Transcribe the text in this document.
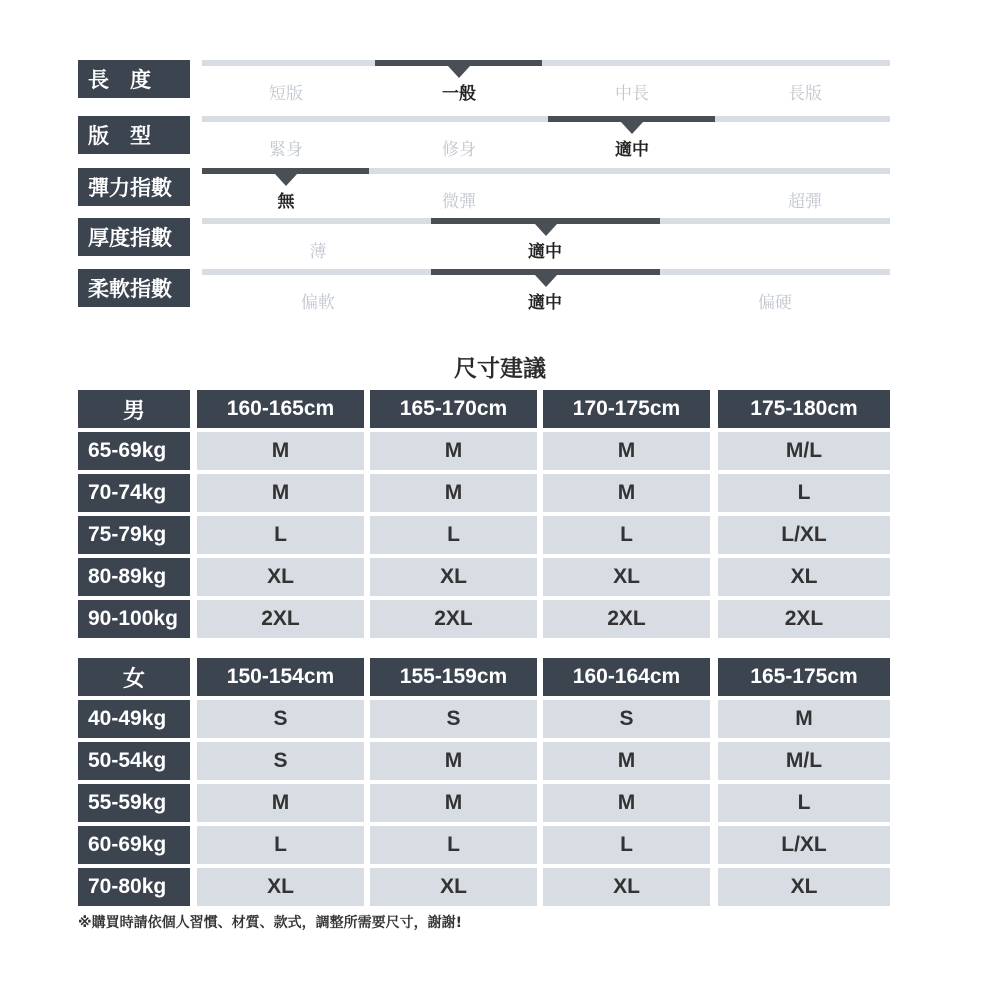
長　度
短版	一般	中長	長版
版　型
緊身	修身	適中
彈力指數
無	微彈	超彈
厚度指數
薄	適中
柔軟指數
偏軟	適中	偏硬
尺寸建議
男	160-165cm	165-170cm	170-175cm	175-180cm
65-69kg	M	M	M	M/L
70-74kg	M	M	M	L
75-79kg	L	L	L	L/XL
80-89kg	XL	XL	XL	XL
90-100kg	2XL	2XL	2XL	2XL
女	150-154cm	155-159cm	160-164cm	165-175cm
40-49kg	S	S	S	M
50-54kg	S	M	M	M/L
55-59kg	M	M	M	L
60-69kg	L	L	L	L/XL
70-80kg	XL	XL	XL	XL
※購買時請依個人習慣、材質、款式，調整所需要尺寸，謝謝!
